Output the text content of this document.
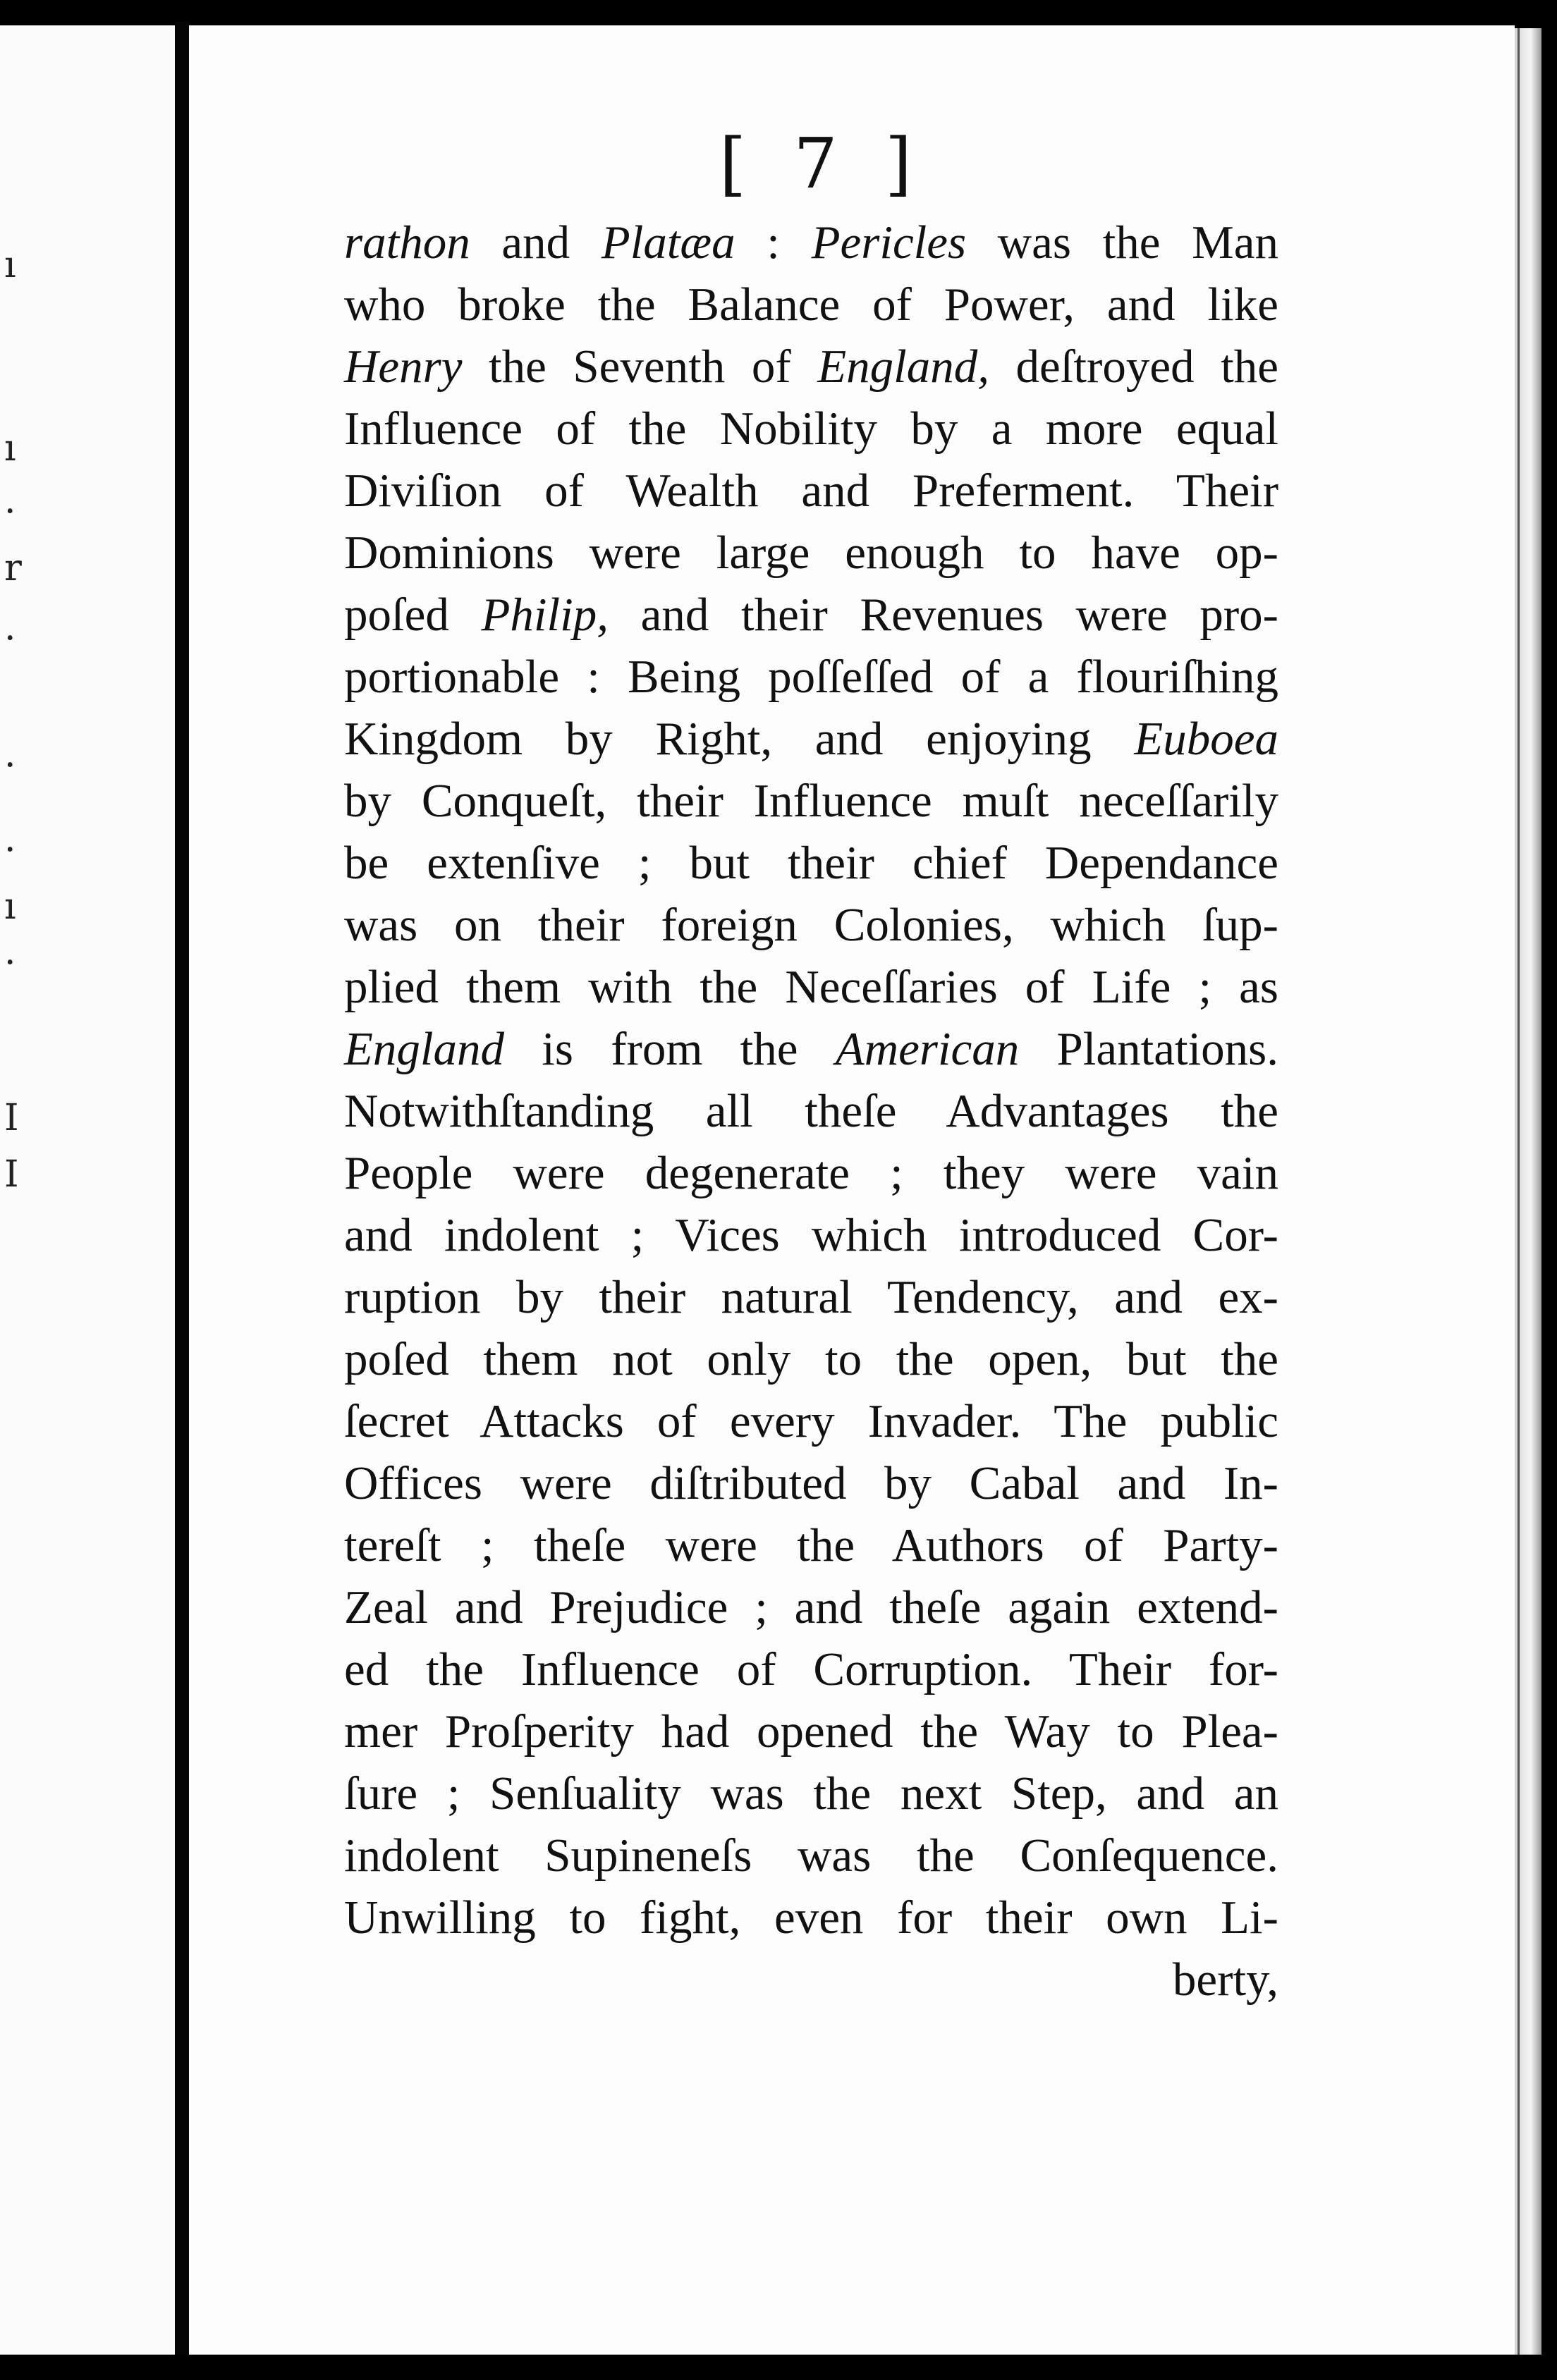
ı
ı
·
r
·
·
·
ı
·
I
I
[ 7 ]
rathon and Platæa : Pericles was the Man
who broke the Balance of Power, and like
Henry the Seventh of England, deſtroyed the
Influence of the Nobility by a more equal
Diviſion of Wealth and Preferment. Their
Dominions were large enough to have op-
poſed Philip, and their Revenues were pro-
portionable : Being poſſeſſed of a flouriſhing
Kingdom by Right, and enjoying Euboea
by Conqueſt, their Influence muſt neceſſarily
be extenſive ; but their chief Dependance
was on their foreign Colonies, which ſup-
plied them with the Neceſſaries of Life ; as
England is from the American Plantations.
Notwithſtanding all theſe Advantages the
People were degenerate ; they were vain
and indolent ; Vices which introduced Cor-
ruption by their natural Tendency, and ex-
poſed them not only to the open, but the
ſecret Attacks of every Invader. The public
Offices were diſtributed by Cabal and In-
tereſt ; theſe were the Authors of Party-
Zeal and Prejudice ; and theſe again extend-
ed the Influence of Corruption. Their for-
mer Proſperity had opened the Way to Plea-
ſure ; Senſuality was the next Step, and an
indolent Supineneſs was the Conſequence.
Unwilling to fight, even for their own Li-
berty,
